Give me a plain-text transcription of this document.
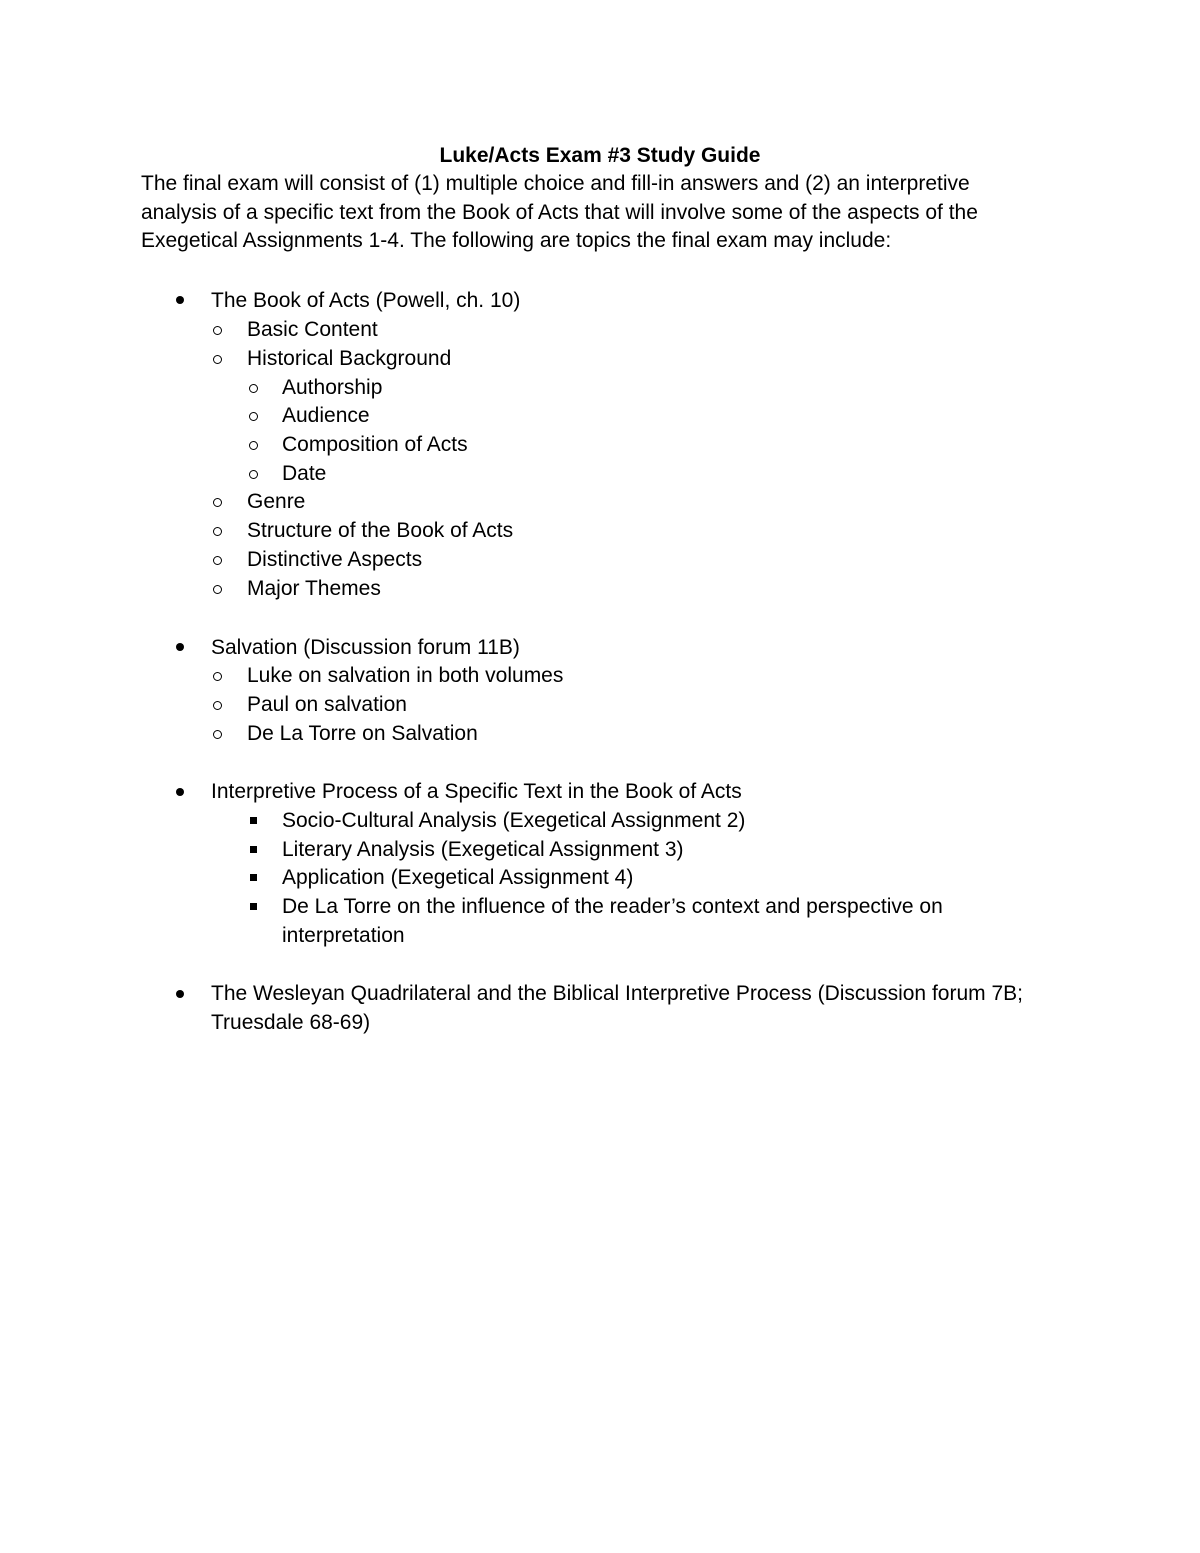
Luke/Acts Exam #3 Study Guide
The final exam will consist of (1) multiple choice and fill-in answers and (2) an interpretive analysis of a specific text from the Book of Acts that will involve some of the aspects of the Exegetical Assignments 1-4. The following are topics the final exam may include:
The Book of Acts (Powell, ch. 10)
Basic Content
Historical Background
Authorship
Audience
Composition of Acts
Date
Genre
Structure of the Book of Acts
Distinctive Aspects
Major Themes
Salvation (Discussion forum 11B)
Luke on salvation in both volumes
Paul on salvation
De La Torre on Salvation
Interpretive Process of a Specific Text in the Book of Acts
Socio-Cultural Analysis (Exegetical Assignment 2)
Literary Analysis (Exegetical Assignment 3)
Application (Exegetical Assignment 4)
De La Torre on the influence of the reader’s context and perspective on
interpretation
The Wesleyan Quadrilateral and the Biblical Interpretive Process (Discussion forum 7B;
Truesdale 68-69)
